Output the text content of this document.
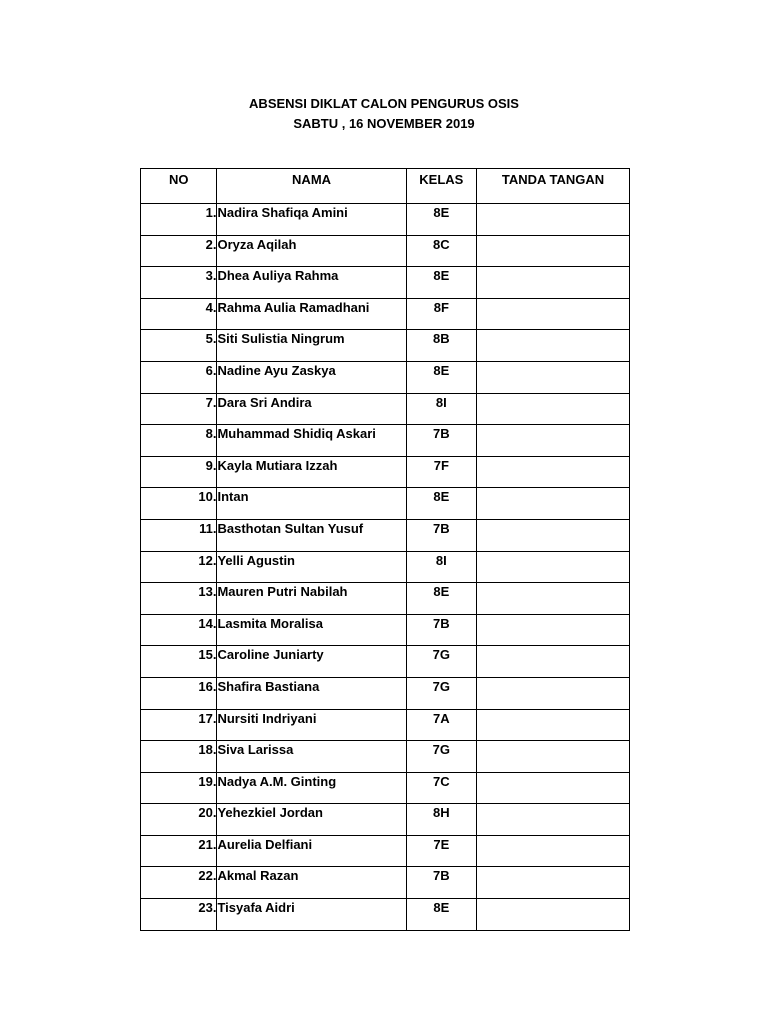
ABSENSI DIKLAT CALON PENGURUS OSIS
SABTU , 16 NOVEMBER 2019
NO	NAMA	KELAS	TANDA TANGAN
1.	Nadira Shafiqa Amini	8E	
2.	Oryza Aqilah	8C	
3.	Dhea Auliya Rahma	8E	
4.	Rahma Aulia Ramadhani	8F	
5.	Siti Sulistia Ningrum	8B	
6.	Nadine Ayu Zaskya	8E	
7.	Dara Sri Andira	8I	
8.	Muhammad Shidiq Askari	7B	
9.	Kayla Mutiara Izzah	7F	
10.	Intan	8E	
11.	Basthotan Sultan Yusuf	7B	
12.	Yelli Agustin	8I	
13.	Mauren Putri Nabilah	8E	
14.	Lasmita Moralisa	7B	
15.	Caroline Juniarty	7G	
16.	Shafira Bastiana	7G	
17.	Nursiti Indriyani	7A	
18.	Siva Larissa	7G	
19.	Nadya A.M. Ginting	7C	
20.	Yehezkiel Jordan	8H	
21.	Aurelia Delfiani	7E	
22.	Akmal Razan	7B	
23.	Tisyafa Aidri	8E	
